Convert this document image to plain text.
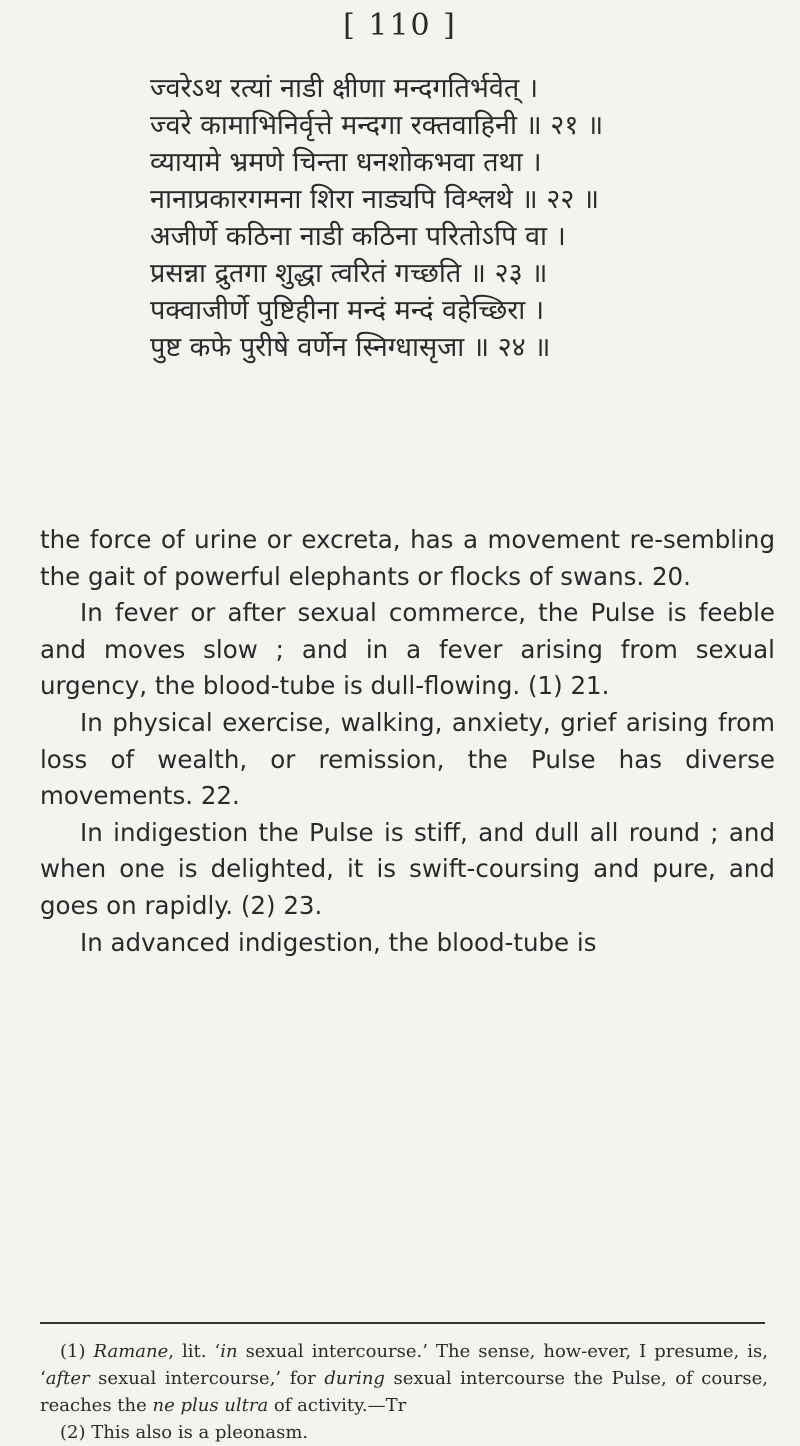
[ 110 ]
ज्वरेऽथ रत्यां नाडी क्षीणा मन्दगतिर्भवेत् ।
ज्वरे कामाभिनिर्वृत्ते मन्दगा रक्तवाहिनी ॥ २१ ॥
व्यायामे भ्रमणे चिन्ता धनशोकभवा तथा ।
नानाप्रकारगमना शिरा नाड्यपि विश्लथे ॥ २२ ॥
अजीर्णे कठिना नाडी कठिना परितोऽपि वा ।
प्रसन्ना द्रुतगा शुद्धा त्वरितं गच्छति ॥ २३ ॥
पक्वाजीर्णे पुष्टिहीना मन्दं मन्दं वहेच्छिरा ।
पुष्ट कफे पुरीषे वर्णेन स्निग्धासृजा ॥ २४ ॥

the force of urine or excreta, has a movement re-sembling the gait of powerful elephants or flocks of swans. 20.

In fever or after sexual commerce, the Pulse is feeble and moves slow ; and in a fever arising from sexual urgency, the blood-tube is dull-flowing. (1) 21.

In physical exercise, walking, anxiety, grief arising from loss of wealth, or remission, the Pulse has diverse movements. 22.

In indigestion the Pulse is stiff, and dull all round ; and when one is delighted, it is swift-coursing and pure, and goes on rapidly. (2) 23.

In advanced indigestion, the blood-tube is

(1) Ramane, lit. ‘in sexual intercourse.’ The sense, how-ever, I presume, is, ‘after sexual intercourse,’ for during sexual intercourse the Pulse, of course, reaches the ne plus ultra of activity.—Tr

(2) This also is a pleonasm.
